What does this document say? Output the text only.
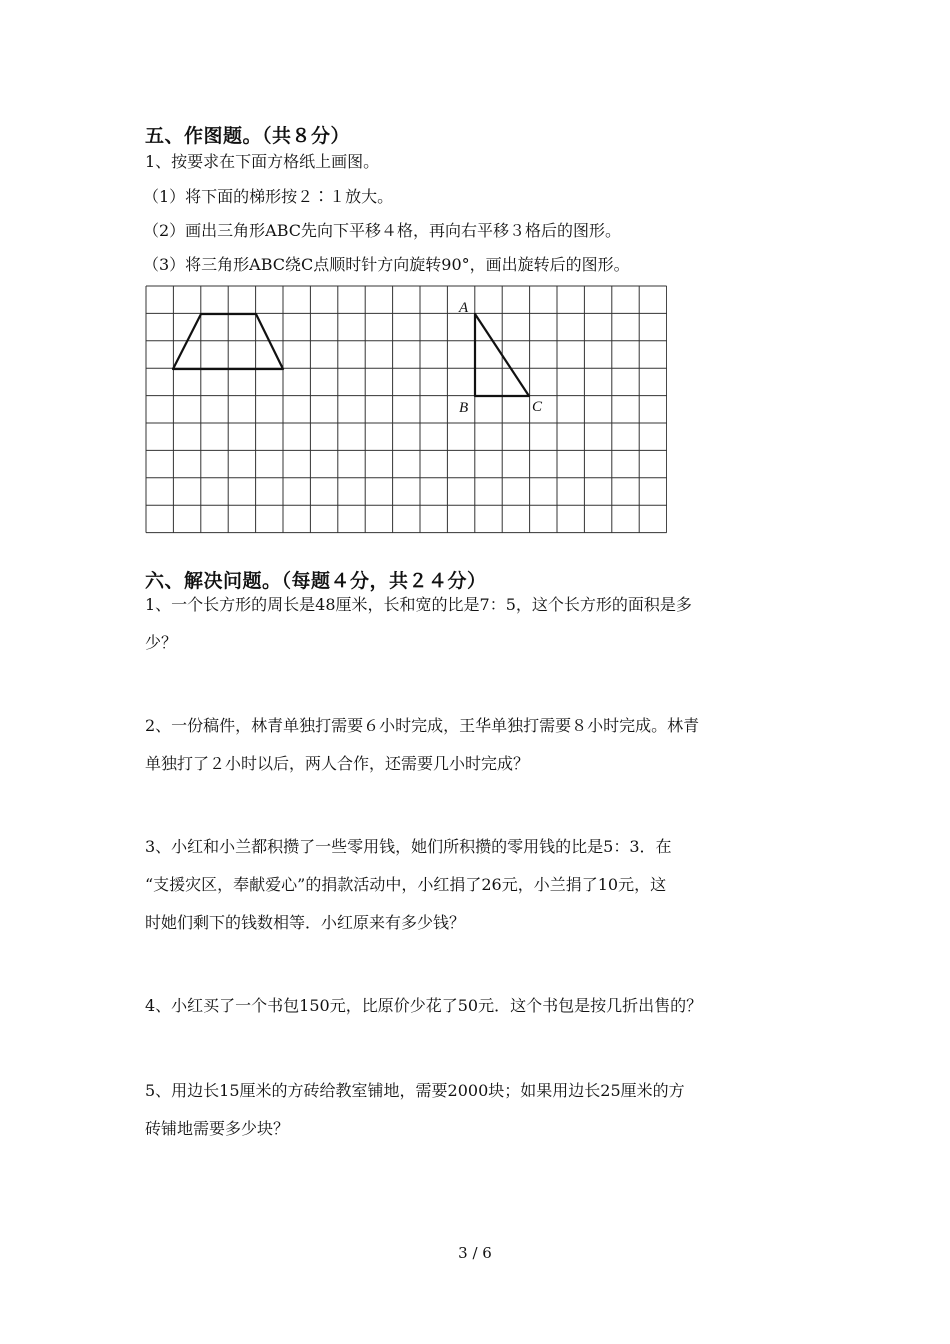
五、作图题。（共８分）
1、按要求在下面方格纸上画图。
（1）将下面的梯形按２∶１放大。
（2）画出三角形ABC先向下平移４格，再向右平移３格后的图形。
（3）将三角形ABC绕C点顺时针方向旋转90°，画出旋转后的图形。
A
B	C
六、解决问题。（每题４分，共２４分）

1、一个长方形的周长是48厘米，长和宽的比是7：5，这个长方形的面积是多

少？

2、一份稿件，林青单独打需要６小时完成，王华单独打需要８小时完成。林青

单独打了２小时以后，两人合作，还需要几小时完成？

3、小红和小兰都积攒了一些零用钱，她们所积攒的零用钱的比是5：3．在

“支援灾区，奉献爱心”的捐款活动中，小红捐了26元，小兰捐了10元，这

时她们剩下的钱数相等．小红原来有多少钱？

4、小红买了一个书包150元，比原价少花了50元．这个书包是按几折出售的？

5、用边长15厘米的方砖给教室铺地，需要2000块；如果用边长25厘米的方

砖铺地需要多少块？

3 / 6
